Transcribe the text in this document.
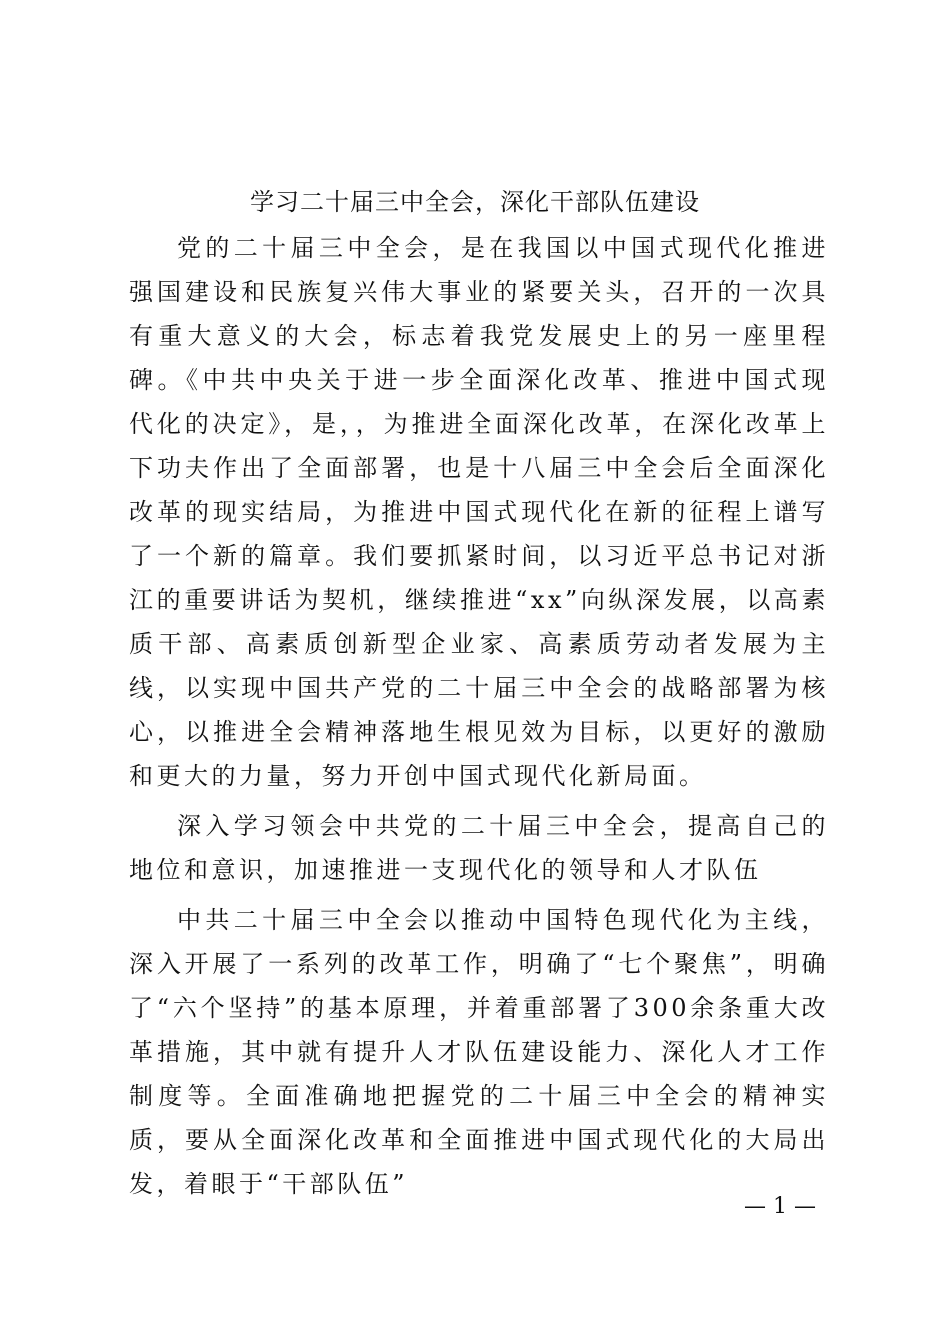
学习二十届三中全会，深化干部队伍建设

党的二十届三中全会，是在我国以中国式现代化推进强国建设和民族复兴伟大事业的紧要关头，召开的一次具有重大意义的大会，标志着我党发展史上的另一座里程碑。《中共中央关于进一步全面深化改革、推进中国式现代化的决定》，是，，为推进全面深化改革，在深化改革上下功夫作出了全面部署，也是十八届三中全会后全面深化改革的现实结局，为推进中国式现代化在新的征程上谱写了一个新的篇章。我们要抓紧时间，以习近平总书记对浙江的重要讲话为契机，继续推进“xx”向纵深发展，以高素质干部、高素质创新型企业家、高素质劳动者发展为主线，以实现中国共产党的二十届三中全会的战略部署为核心，以推进全会精神落地生根见效为目标，以更好的激励和更大的力量，努力开创中国式现代化新局面。

深入学习领会中共党的二十届三中全会，提高自己的地位和意识，加速推进一支现代化的领导和人才队伍

中共二十届三中全会以推动中国特色现代化为主线，深入开展了一系列的改革工作，明确了“七个聚焦”，明确了“六个坚持”的基本原理，并着重部署了300余条重大改革措施，其中就有提升人才队伍建设能力、深化人才工作制度等。全面准确地把握党的二十届三中全会的精神实质，要从全面深化改革和全面推进中国式现代化的大局出发，着眼于“干部队伍”

— 1 —
